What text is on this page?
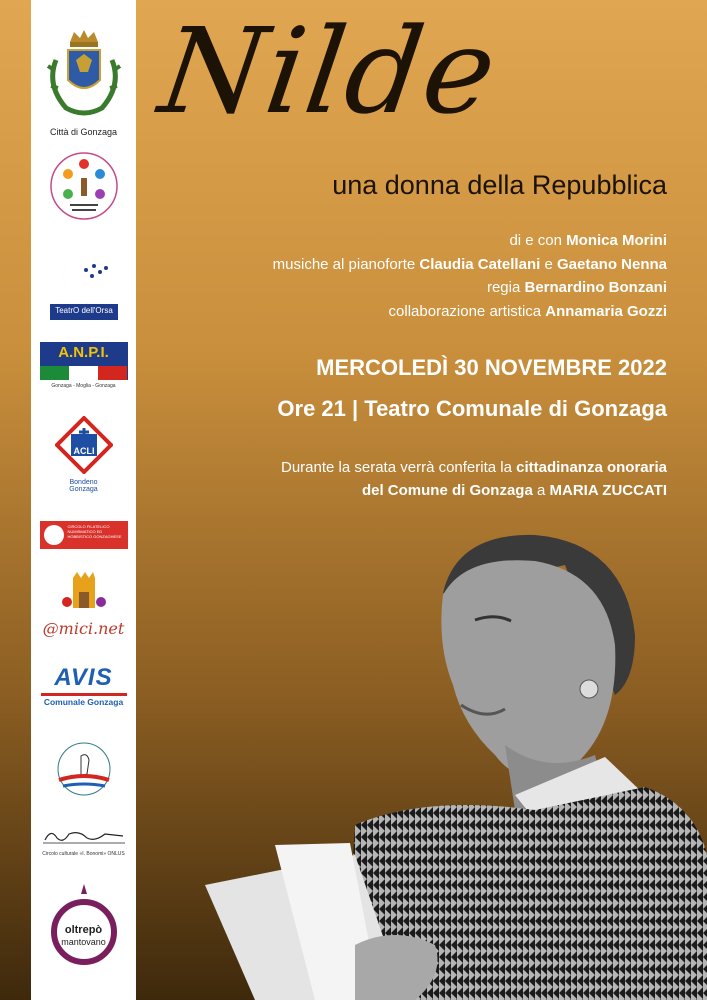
Città di Gonzaga
TeatrO dell'Orsa
A.N.P.I.
Gonzaga - Moglia - Gonzaga
ACLI
Bondeno
Gonzaga
CIRCOLO FILATELICO NUMISMATICO ED HOBBISTICO GONZAGHESE
@mici.net
AVIS
Comunale Gonzaga
Circolo culturale «I. Bonomi» ONLUS
oltrepò
mantovano
Nilde
una donna della Repubblica
di e con Monica Morini
musiche al pianoforte Claudia Catellani e Gaetano Nenna
regia Bernardino Bonzani
collaborazione artistica Annamaria Gozzi
MERCOLEDÌ 30 NOVEMBRE 2022
Ore 21 | Teatro Comunale di Gonzaga
Durante la serata verrà conferita la cittadinanza onoraria
del Comune di Gonzaga a MARIA ZUCCATI
